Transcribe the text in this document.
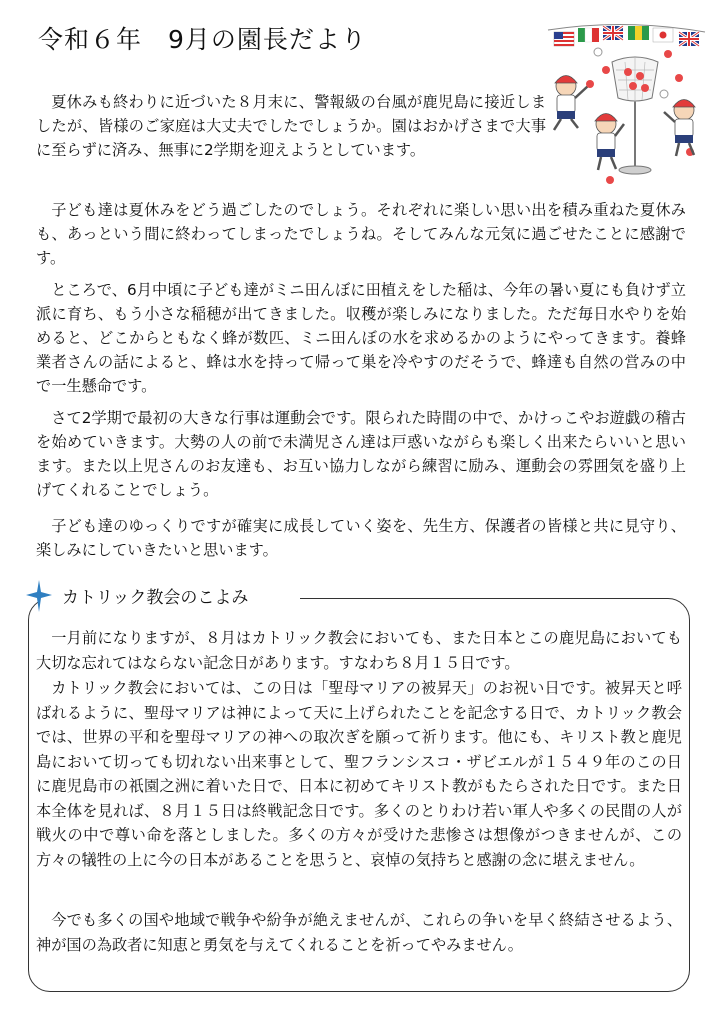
令和６年　9月の園長だより

夏休みも終わりに近づいた８月末に、警報級の台風が鹿児島に接近しましたが、皆様のご家庭は大丈夫でしたでしょうか。園はおかげさまで大事に至らずに済み、無事に2学期を迎えようとしています。

子ども達は夏休みをどう過ごしたのでしょう。それぞれに楽しい思い出を積み重ねた夏休みも、あっという間に終わってしまったでしょうね。そしてみんな元気に過ごせたことに感謝です。

ところで、6月中頃に子ども達がミニ田んぼに田植えをした稲は、今年の暑い夏にも負けず立派に育ち、もう小さな稲穂が出てきました。収穫が楽しみになりました。ただ毎日水やりを始めると、どこからともなく蜂が数匹、ミニ田んぼの水を求めるかのようにやってきます。養蜂業者さんの話によると、蜂は水を持って帰って巣を冷やすのだそうで、蜂達も自然の営みの中で一生懸命です。

さて2学期で最初の大きな行事は運動会です。限られた時間の中で、かけっこやお遊戯の稽古を始めていきます。大勢の人の前で未満児さん達は戸惑いながらも楽しく出来たらいいと思います。また以上児さんのお友達も、お互い協力しながら練習に励み、運動会の雰囲気を盛り上げてくれることでしょう。

子ども達のゆっくりですが確実に成長していく姿を、先生方、保護者の皆様と共に見守り、楽しみにしていきたいと思います。

カトリック教会のこよみ

一月前になりますが、８月はカトリック教会においても、また日本とこの鹿児島においても大切な忘れてはならない記念日があります。すなわち８月１５日です。

カトリック教会においては、この日は「聖母マリアの被昇天」のお祝い日です。被昇天と呼ばれるように、聖母マリアは神によって天に上げられたことを記念する日で、カトリック教会では、世界の平和を聖母マリアの神への取次ぎを願って祈ります。他にも、キリスト教と鹿児島において切っても切れない出来事として、聖フランシスコ・ザビエルが１５４９年のこの日に鹿児島市の祇園之洲に着いた日で、日本に初めてキリスト教がもたらされた日です。また日本全体を見れば、８月１５日は終戦記念日です。多くのとりわけ若い軍人や多くの民間の人が戦火の中で尊い命を落としました。多くの方々が受けた悲惨さは想像がつきませんが、この方々の犠牲の上に今の日本があることを思うと、哀悼の気持ちと感謝の念に堪えません。

今でも多くの国や地域で戦争や紛争が絶えませんが、これらの争いを早く終結させるよう、神が国の為政者に知恵と勇気を与えてくれることを祈ってやみません。
